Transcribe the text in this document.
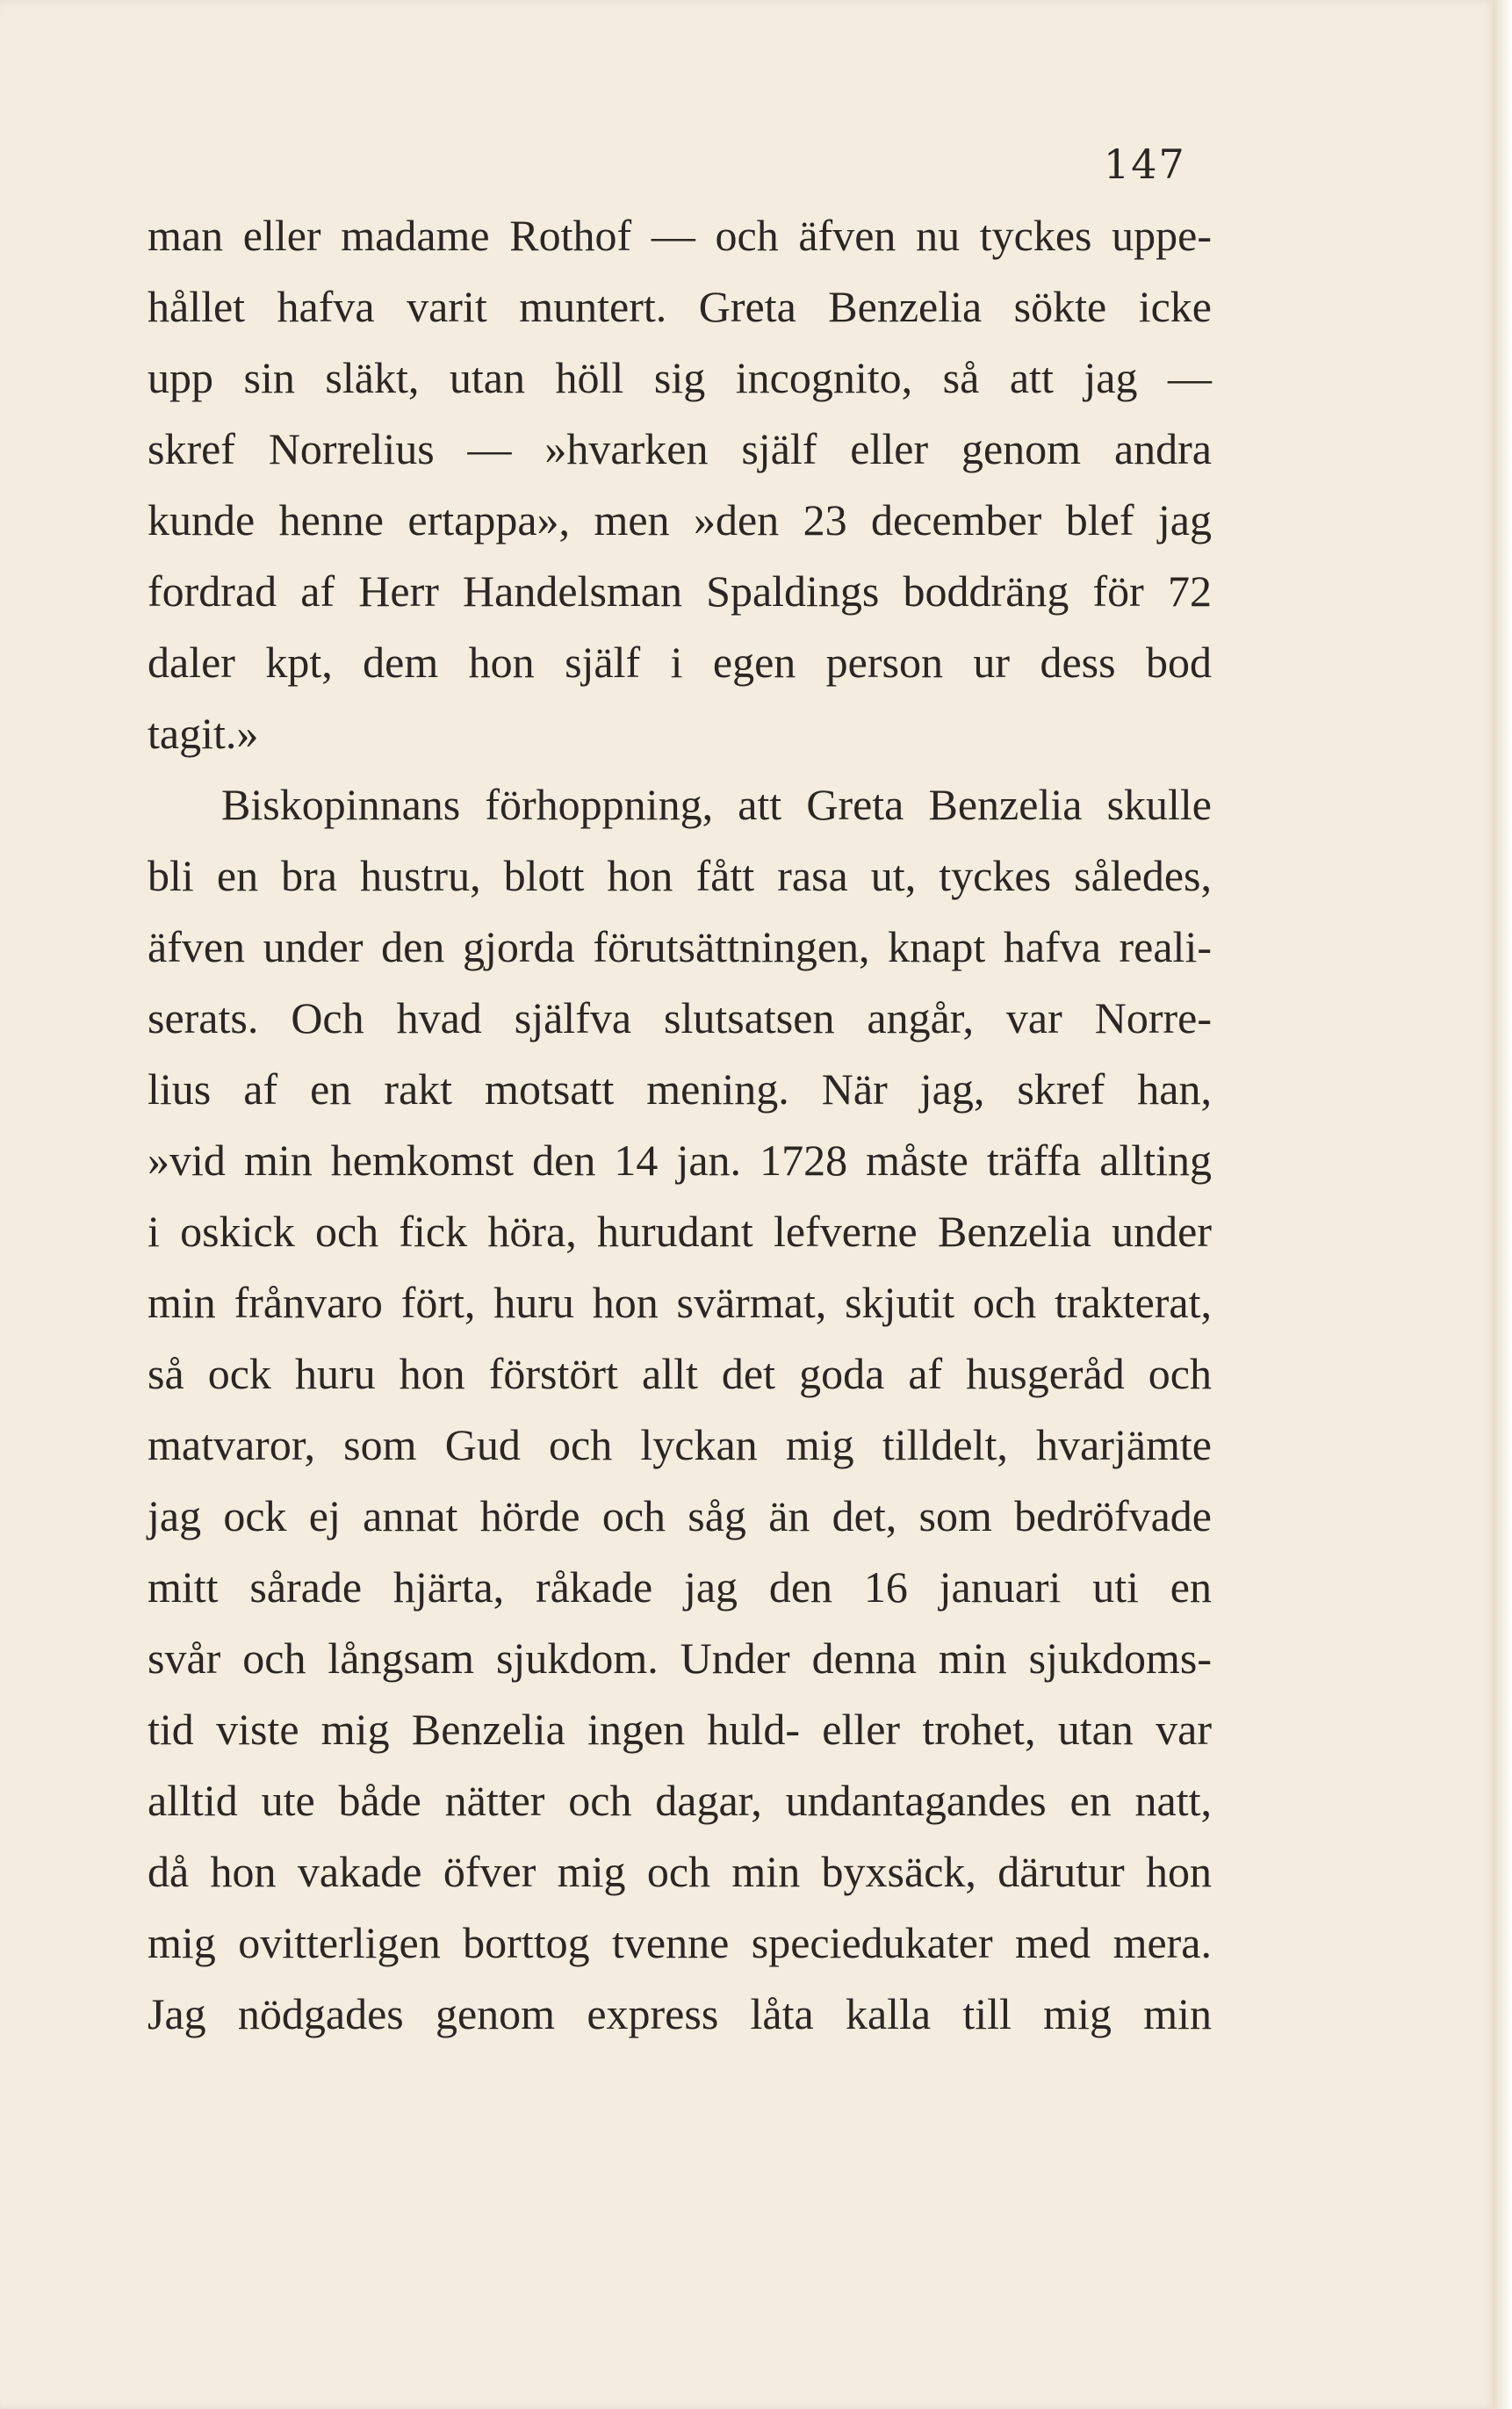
147
man eller madame Rothof — och äfven nu tyckes uppe-
hållet hafva varit muntert. Greta Benzelia sökte icke
upp sin släkt, utan höll sig incognito, så att jag —
skref Norrelius — »hvarken själf eller genom andra
kunde henne ertappa», men »den 23 december blef jag
fordrad af Herr Handelsman Spaldings boddräng för 72
daler kpt, dem hon själf i egen person ur dess bod
tagit.»
Biskopinnans förhoppning, att Greta Benzelia skulle
bli en bra hustru, blott hon fått rasa ut, tyckes således,
äfven under den gjorda förutsättningen, knapt hafva reali-
serats. Och hvad själfva slutsatsen angår, var Norre-
lius af en rakt motsatt mening. När jag, skref han,
»vid min hemkomst den 14 jan. 1728 måste träffa allting
i oskick och fick höra, hurudant lefverne Benzelia under
min frånvaro fört, huru hon svärmat, skjutit och trakterat,
så ock huru hon förstört allt det goda af husgeråd och
matvaror, som Gud och lyckan mig tilldelt, hvarjämte
jag ock ej annat hörde och såg än det, som bedröfvade
mitt sårade hjärta, råkade jag den 16 januari uti en
svår och långsam sjukdom. Under denna min sjukdoms-
tid viste mig Benzelia ingen huld- eller trohet, utan var
alltid ute både nätter och dagar, undantagandes en natt,
då hon vakade öfver mig och min byxsäck, därutur hon
mig ovitterligen borttog tvenne speciedukater med mera.
Jag nödgades genom express låta kalla till mig min
